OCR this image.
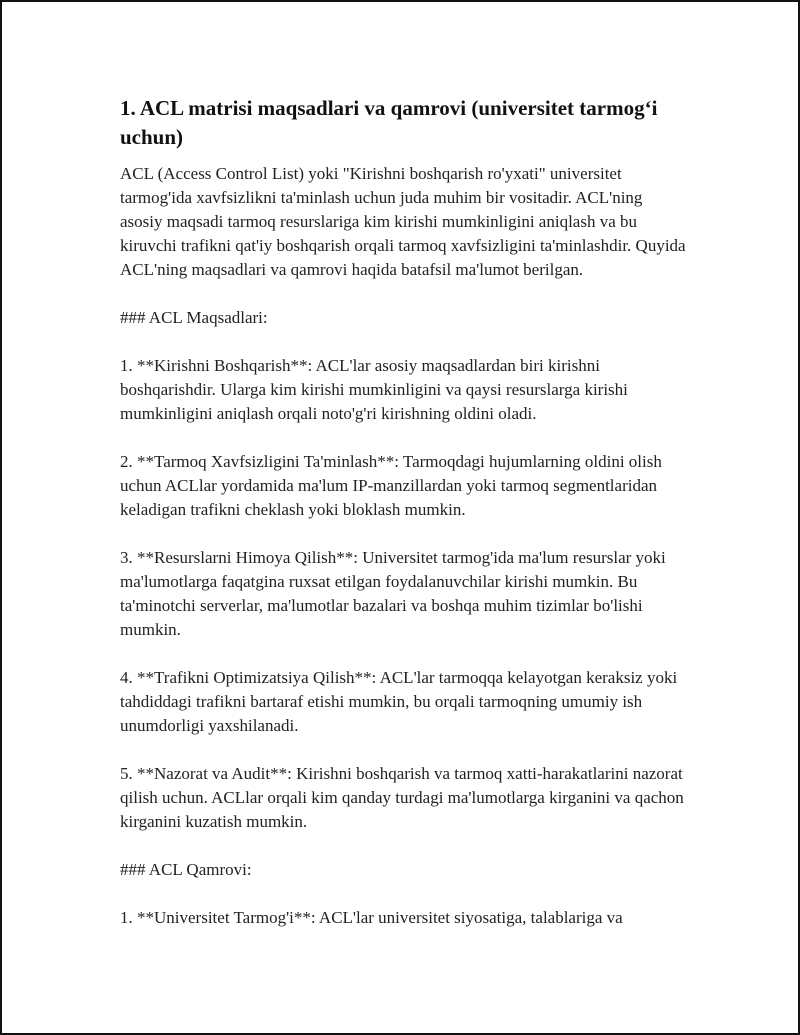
1. ACL matrisi maqsadlari va qamrovi (universitet tarmog‘i uchun)

ACL (Access Control List) yoki "Kirishni boshqarish ro'yxati" universitet tarmog'ida xavfsizlikni ta'minlash uchun juda muhim bir vositadir. ACL'ning asosiy maqsadi tarmoq resurslariga kim kirishi mumkinligini aniqlash va bu kiruvchi trafikni qat'iy boshqarish orqali tarmoq xavfsizligini ta'minlashdir. Quyida ACL'ning maqsadlari va qamrovi haqida batafsil ma'lumot berilgan.

### ACL Maqsadlari:

1. **Kirishni Boshqarish**: ACL'lar asosiy maqsadlardan biri kirishni boshqarishdir. Ularga kim kirishi mumkinligini va qaysi resurslarga kirishi mumkinligini aniqlash orqali noto'g'ri kirishning oldini oladi.

2. **Tarmoq Xavfsizligini Ta'minlash**: Tarmoqdagi hujumlarning oldini olish uchun ACLlar yordamida ma'lum IP-manzillardan yoki tarmoq segmentlaridan keladigan trafikni cheklash yoki bloklash mumkin.

3. **Resurslarni Himoya Qilish**: Universitet tarmog'ida ma'lum resurslar yoki ma'lumotlarga faqatgina ruxsat etilgan foydalanuvchilar kirishi mumkin. Bu ta'minotchi serverlar, ma'lumotlar bazalari va boshqa muhim tizimlar bo'lishi mumkin.

4. **Trafikni Optimizatsiya Qilish**: ACL'lar tarmoqqa kelayotgan keraksiz yoki tahdiddagi trafikni bartaraf etishi mumkin, bu orqali tarmoqning umumiy ish unumdorligi yaxshilanadi.

5. **Nazorat va Audit**: Kirishni boshqarish va tarmoq xatti-harakatlarini nazorat qilish uchun. ACLlar orqali kim qanday turdagi ma'lumotlarga kirganini va qachon kirganini kuzatish mumkin.

### ACL Qamrovi:

1. **Universitet Tarmog'i**: ACL'lar universitet siyosatiga, talablariga va
